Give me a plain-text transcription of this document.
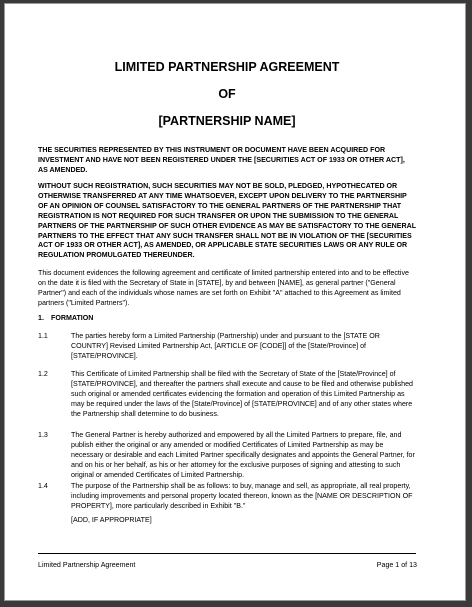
LIMITED PARTNERSHIP AGREEMENT
OF
[PARTNERSHIP NAME]

THE SECURITIES REPRESENTED BY THIS INSTRUMENT OR DOCUMENT HAVE BEEN ACQUIRED FOR INVESTMENT AND HAVE NOT BEEN REGISTERED UNDER THE [SECURITIES ACT OF 1933 OR OTHER ACT], AS AMENDED.

WITHOUT SUCH REGISTRATION, SUCH SECURITIES MAY NOT BE SOLD, PLEDGED, HYPOTHECATED OR OTHERWISE TRANSFERRED AT ANY TIME WHATSOEVER, EXCEPT UPON DELIVERY TO THE PARTNERSHIP OF AN OPINION OF COUNSEL SATISFACTORY TO THE GENERAL PARTNERS OF THE PARTNERSHIP THAT REGISTRATION IS NOT REQUIRED FOR SUCH TRANSFER OR UPON THE SUBMISSION TO THE GENERAL PARTNERS OF THE PARTNERSHIP OF SUCH OTHER EVIDENCE AS MAY BE SATISFACTORY TO THE GENERAL PARTNERS TO THE EFFECT THAT ANY SUCH TRANSFER SHALL NOT BE IN VIOLATION OF THE [SECURITIES ACT OF 1933 OR OTHER ACT], AS AMENDED, OR APPLICABLE STATE SECURITIES LAWS OR ANY RULE OR REGULATION PROMULGATED THEREUNDER.

This document evidences the following agreement and certificate of limited partnership entered into and to be effective on the date it is filed with the Secretary of State in [STATE], by and between [NAME], as general partner ("General Partner") and each of the individuals whose names are set forth on Exhibit "A" attached to this Agreement as limited partners ("Limited Partners").

1. FORMATION
1.1	The parties hereby form a Limited Partnership (Partnership) under and pursuant to the [STATE OR COUNTRY] Revised Limited Partnership Act, [ARTICLE OF [CODE]] of the [State/Province] of [STATE/PROVINCE].
1.2	This Certificate of Limited Partnership shall be filed with the Secretary of State of the [State/Province] of [STATE/PROVINCE], and thereafter the partners shall execute and cause to be filed and otherwise published such original or amended certificates evidencing the formation and operation of this Limited Partnership as may be required under the laws of the [State/Province] of [STATE/PROVINCE] and of any other states where the Partnership shall determine to do business.
1.3	The General Partner is hereby authorized and empowered by all the Limited Partners to prepare, file, and publish either the original or any amended or modified Certificates of Limited Partnership as may be necessary or desirable and each Limited Partner specifically designates and appoints the General Partner, for and on his or her behalf, as his or her attorney for the exclusive purposes of signing and attesting to such original or amended Certificates of Limited Partnership.
1.4	The purpose of the Partnership shall be as follows: to buy, manage and sell, as appropriate, all real property, including improvements and personal property located thereon, known as the [NAME OR DESCRIPTION OF PROPERTY], more particularly described in Exhibit "B."
[ADD, IF APPROPRIATE]
Limited Partnership Agreement	Page 1 of 13
